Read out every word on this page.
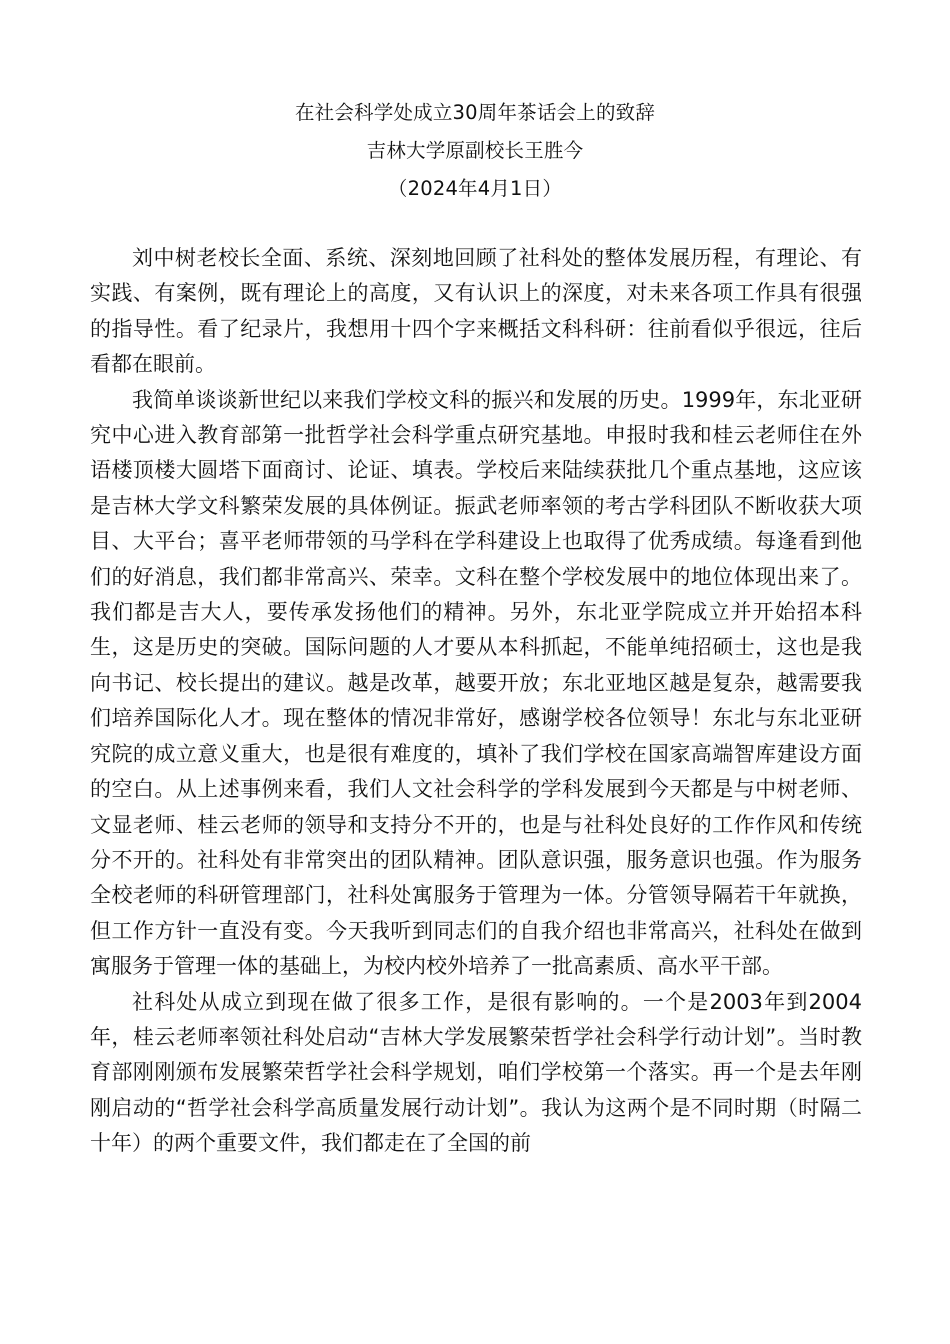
在社会科学处成立30周年茶话会上的致辞
吉林大学原副校长王胜今
（2024年4月1日）

刘中树老校长全面、系统、深刻地回顾了社科处的整体发展历程，有理论、有实践、有案例，既有理论上的高度，又有认识上的深度，对未来各项工作具有很强的指导性。看了纪录片，我想用十四个字来概括文科科研：往前看似乎很远，往后看都在眼前。

我简单谈谈新世纪以来我们学校文科的振兴和发展的历史。1999年，东北亚研究中心进入教育部第一批哲学社会科学重点研究基地。申报时我和桂云老师住在外语楼顶楼大圆塔下面商讨、论证、填表。学校后来陆续获批几个重点基地，这应该是吉林大学文科繁荣发展的具体例证。振武老师率领的考古学科团队不断收获大项目、大平台；喜平老师带领的马学科在学科建设上也取得了优秀成绩。每逢看到他们的好消息，我们都非常高兴、荣幸。文科在整个学校发展中的地位体现出来了。我们都是吉大人，要传承发扬他们的精神。另外，东北亚学院成立并开始招本科生，这是历史的突破。国际问题的人才要从本科抓起，不能单纯招硕士，这也是我向书记、校长提出的建议。越是改革，越要开放；东北亚地区越是复杂，越需要我们培养国际化人才。现在整体的情况非常好，感谢学校各位领导！东北与东北亚研究院的成立意义重大，也是很有难度的，填补了我们学校在国家高端智库建设方面的空白。从上述事例来看，我们人文社会科学的学科发展到今天都是与中树老师、文显老师、桂云老师的领导和支持分不开的，也是与社科处良好的工作作风和传统分不开的。社科处有非常突出的团队精神。团队意识强，服务意识也强。作为服务全校老师的科研管理部门，社科处寓服务于管理为一体。分管领导隔若干年就换，但工作方针一直没有变。今天我听到同志们的自我介绍也非常高兴，社科处在做到寓服务于管理一体的基础上，为校内校外培养了一批高素质、高水平干部。

社科处从成立到现在做了很多工作，是很有影响的。一个是2003年到2004年，桂云老师率领社科处启动“吉林大学发展繁荣哲学社会科学行动计划”。当时教育部刚刚颁布发展繁荣哲学社会科学规划，咱们学校第一个落实。再一个是去年刚刚启动的“哲学社会科学高质量发展行动计划”。我认为这两个是不同时期（时隔二十年）的两个重要文件，我们都走在了全国的前
